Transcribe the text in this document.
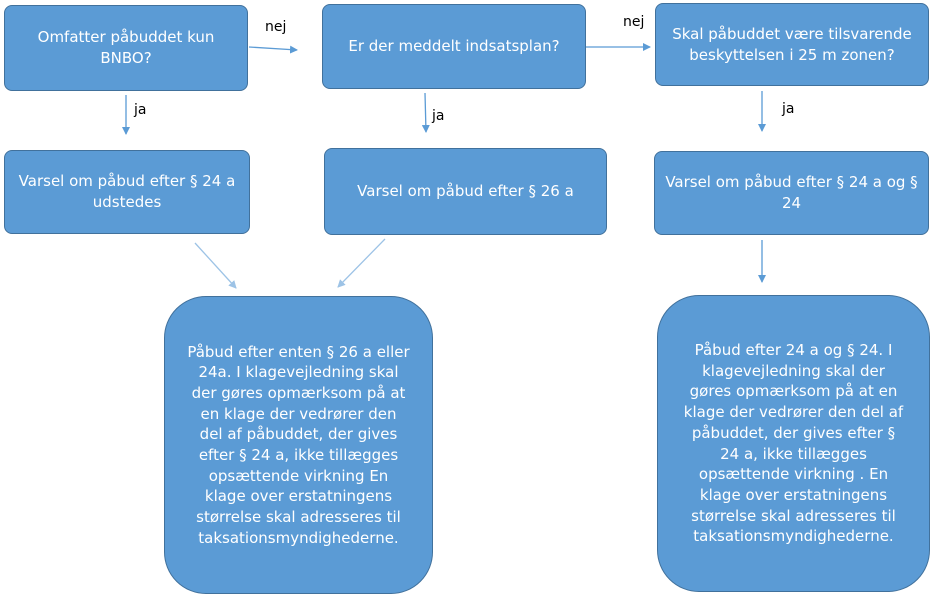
Omfatter påbuddet kun BNBO?
Er der meddelt indsatsplan?
Skal påbuddet være tilsvarende beskyttelsen i 25 m zonen?
Varsel om påbud efter § 24 a udstedes
Varsel om påbud efter § 26 a	Varsel om påbud efter § 24 a og § 24
Påbud efter enten § 26 a eller 24a. I klagevejledning skal der gøres opmærksom på at en klage der vedrører den del af påbuddet, der gives efter § 24 a, ikke tillægges opsættende virkning En klage over erstatningens størrelse skal adresseres til taksationsmyndighederne.
Påbud efter 24 a og § 24. I klagevejledning skal der gøres opmærksom på at en klage der vedrører den del af påbuddet, der gives efter § 24 a, ikke tillægges opsættende virkning . En klage over erstatningens størrelse skal adresseres til taksationsmyndighederne.
nej	nej
ja	ja	ja
